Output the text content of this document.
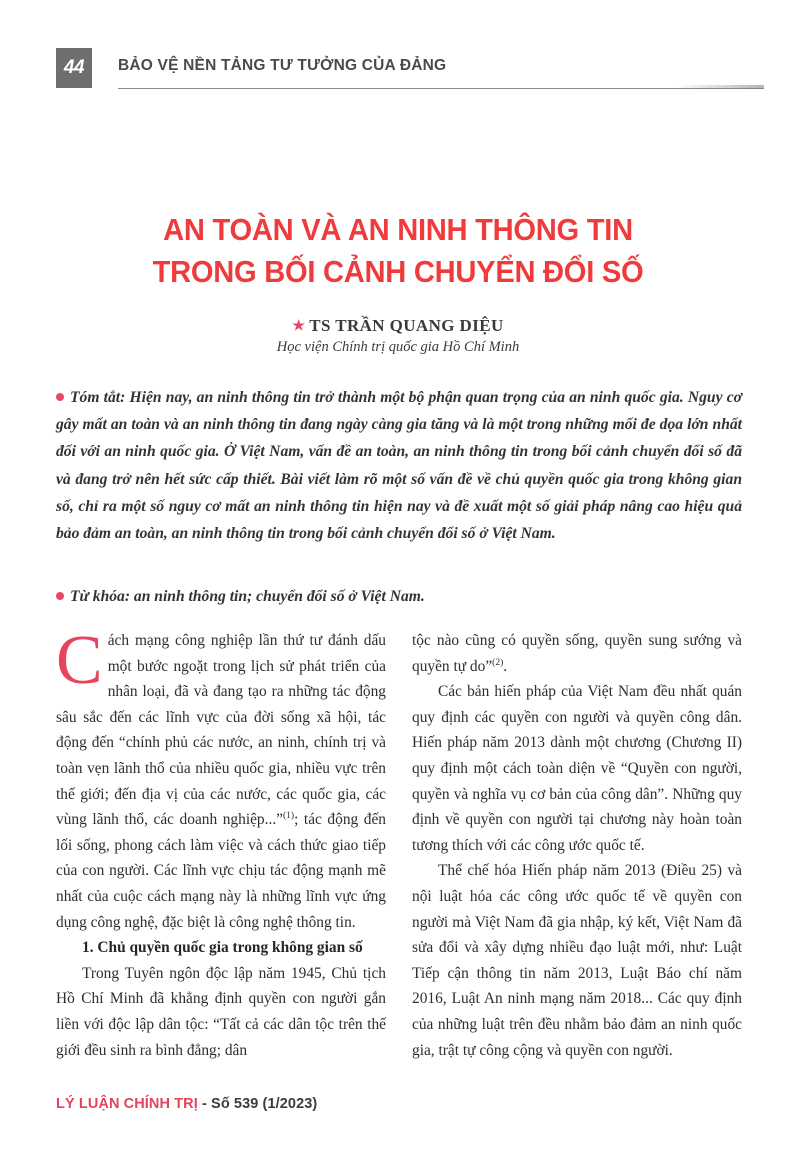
44	BẢO VỆ NỀN TẢNG TƯ TƯỞNG CỦA ĐẢNG
AN TOÀN VÀ AN NINH THÔNG TIN
TRONG BỐI CẢNH CHUYỂN ĐỔI SỐ
★ TS TRẦN QUANG DIỆU
Học viện Chính trị quốc gia Hồ Chí Minh
Tóm tắt: Hiện nay, an ninh thông tin trở thành một bộ phận quan trọng của an ninh quốc gia. Nguy cơ gây mất an toàn và an ninh thông tin đang ngày càng gia tăng và là một trong những mối đe dọa lớn nhất đối với an ninh quốc gia. Ở Việt Nam, vấn đề an toàn, an ninh thông tin trong bối cảnh chuyển đổi số đã và đang trở nên hết sức cấp thiết. Bài viết làm rõ một số vấn đề về chủ quyền quốc gia trong không gian số, chỉ ra một số nguy cơ mất an ninh thông tin hiện nay và đề xuất một số giải pháp nâng cao hiệu quả bảo đảm an toàn, an ninh thông tin trong bối cảnh chuyển đổi số ở Việt Nam.
Từ khóa: an ninh thông tin; chuyển đổi số ở Việt Nam.

Cách mạng công nghiệp lần thứ tư đánh dấu một bước ngoặt trong lịch sử phát triển của nhân loại, đã và đang tạo ra những tác động sâu sắc đến các lĩnh vực của đời sống xã hội, tác động đến “chính phủ các nước, an ninh, chính trị và toàn vẹn lãnh thổ của nhiều quốc gia, nhiều vực trên thế giới; đến địa vị của các nước, các quốc gia, các vùng lãnh thổ, các doanh nghiệp...”$^{(1)}$; tác động đến lối sống, phong cách làm việc và cách thức giao tiếp của con người. Các lĩnh vực chịu tác động mạnh mẽ nhất của cuộc cách mạng này là những lĩnh vực ứng dụng công nghệ, đặc biệt là công nghệ thông tin.

1. Chủ quyền quốc gia trong không gian số

Trong Tuyên ngôn độc lập năm 1945, Chủ tịch Hồ Chí Minh đã khẳng định quyền con người gắn liền với độc lập dân tộc: “Tất cả các dân tộc trên thế giới đều sinh ra bình đẳng; dân

tộc nào cũng có quyền sống, quyền sung sướng và quyền tự do”$^{(2)}$.

Các bản hiến pháp của Việt Nam đều nhất quán quy định các quyền con người và quyền công dân. Hiến pháp năm 2013 dành một chương (Chương II) quy định một cách toàn diện về “Quyền con người, quyền và nghĩa vụ cơ bản của công dân”. Những quy định về quyền con người tại chương này hoàn toàn tương thích với các công ước quốc tế.

Thể chế hóa Hiến pháp năm 2013 (Điều 25) và nội luật hóa các công ước quốc tế về quyền con người mà Việt Nam đã gia nhập, ký kết, Việt Nam đã sửa đổi và xây dựng nhiều đạo luật mới, như: Luật Tiếp cận thông tin năm 2013, Luật Báo chí năm 2016, Luật An ninh mạng năm 2018... Các quy định của những luật trên đều nhằm bảo đảm an ninh quốc gia, trật tự công cộng và quyền con người.

LÝ LUẬN CHÍNH TRỊ - Số 539 (1/2023)
